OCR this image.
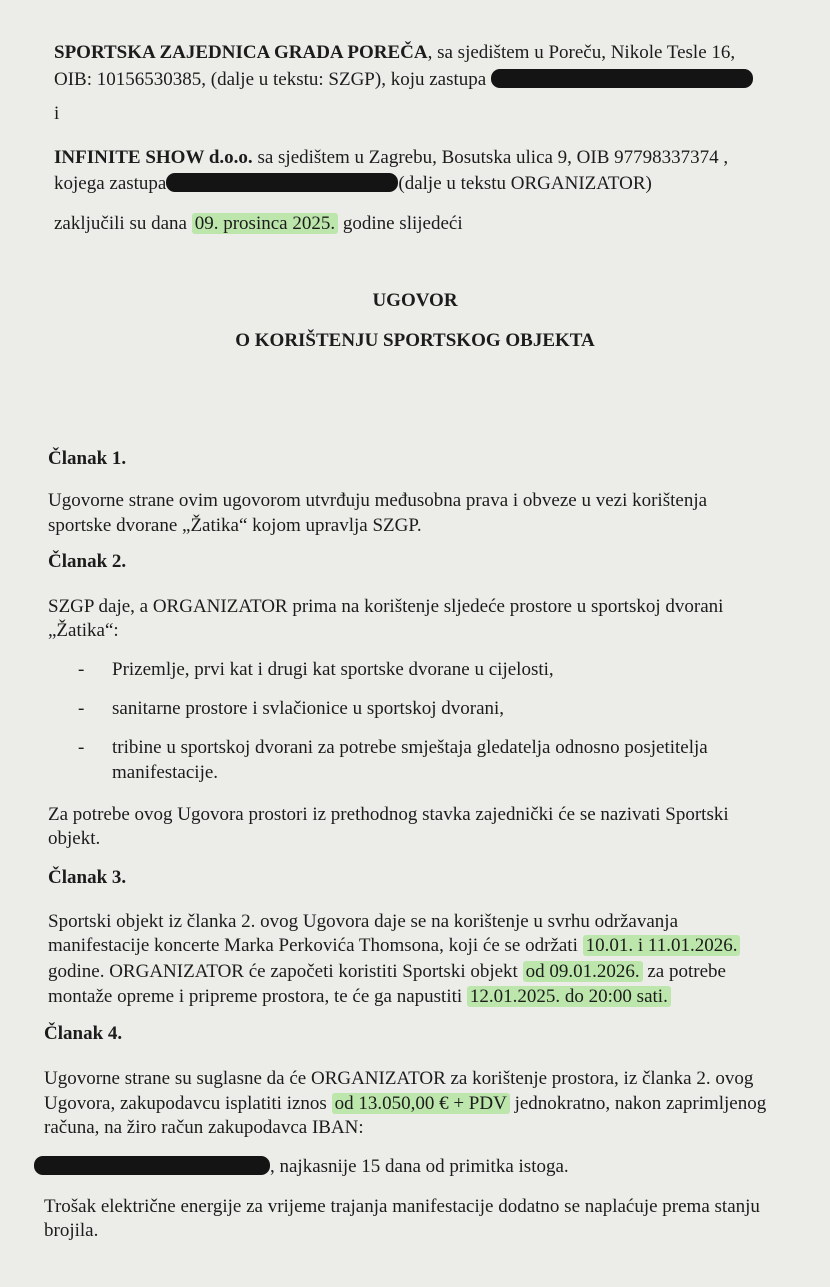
SPORTSKA ZAJEDNICA GRADA POREČA, sa sjedištem u Poreču, Nikole Tesle 16,
OIB: 10156530385, (dalje u tekstu: SZGP), koju zastupa
i
INFINITE SHOW d.o.o. sa sjedištem u Zagrebu, Bosutska ulica 9, OIB 97798337374 ,
kojega zastupa	(dalje u tekstu ORGANIZATOR)
zaključili su dana 09. prosinca 2025. godine slijedeći
UGOVOR
O KORIŠTENJU SPORTSKOG OBJEKTA
Članak 1.
Ugovorne strane ovim ugovorom utvrđuju međusobna prava i obveze u vezi korištenja
sportske dvorane „Žatika“ kojom upravlja SZGP.
Članak 2.
SZGP daje, a ORGANIZATOR prima na korištenje sljedeće prostore u sportskoj dvorani
„Žatika“:
- Prizemlje, prvi kat i drugi kat sportske dvorane u cijelosti,
- sanitarne prostore i svlačionice u sportskoj dvorani,
- tribine u sportskoj dvorani za potrebe smještaja gledatelja odnosno posjetitelja
manifestacije.
Za potrebe ovog Ugovora prostori iz prethodnog stavka zajednički će se nazivati Sportski
objekt.
Članak 3.
Sportski objekt iz članka 2. ovog Ugovora daje se na korištenje u svrhu održavanja
manifestacije koncerte Marka Perkovića Thomsona, koji će se održati 10.01. i 11.01.2026.
godine. ORGANIZATOR će započeti koristiti Sportski objekt od 09.01.2026. za potrebe
montaže opreme i pripreme prostora, te će ga napustiti 12.01.2025. do 20:00 sati.
Članak 4.
Ugovorne strane su suglasne da će ORGANIZATOR za korištenje prostora, iz članka 2. ovog
Ugovora, zakupodavcu isplatiti iznos od 13.050,00 € + PDV jednokratno, nakon zaprimljenog
računa, na žiro račun zakupodavca IBAN:
, najkasnije 15 dana od primitka istoga.
Trošak električne energije za vrijeme trajanja manifestacije dodatno se naplaćuje prema stanju
brojila.
